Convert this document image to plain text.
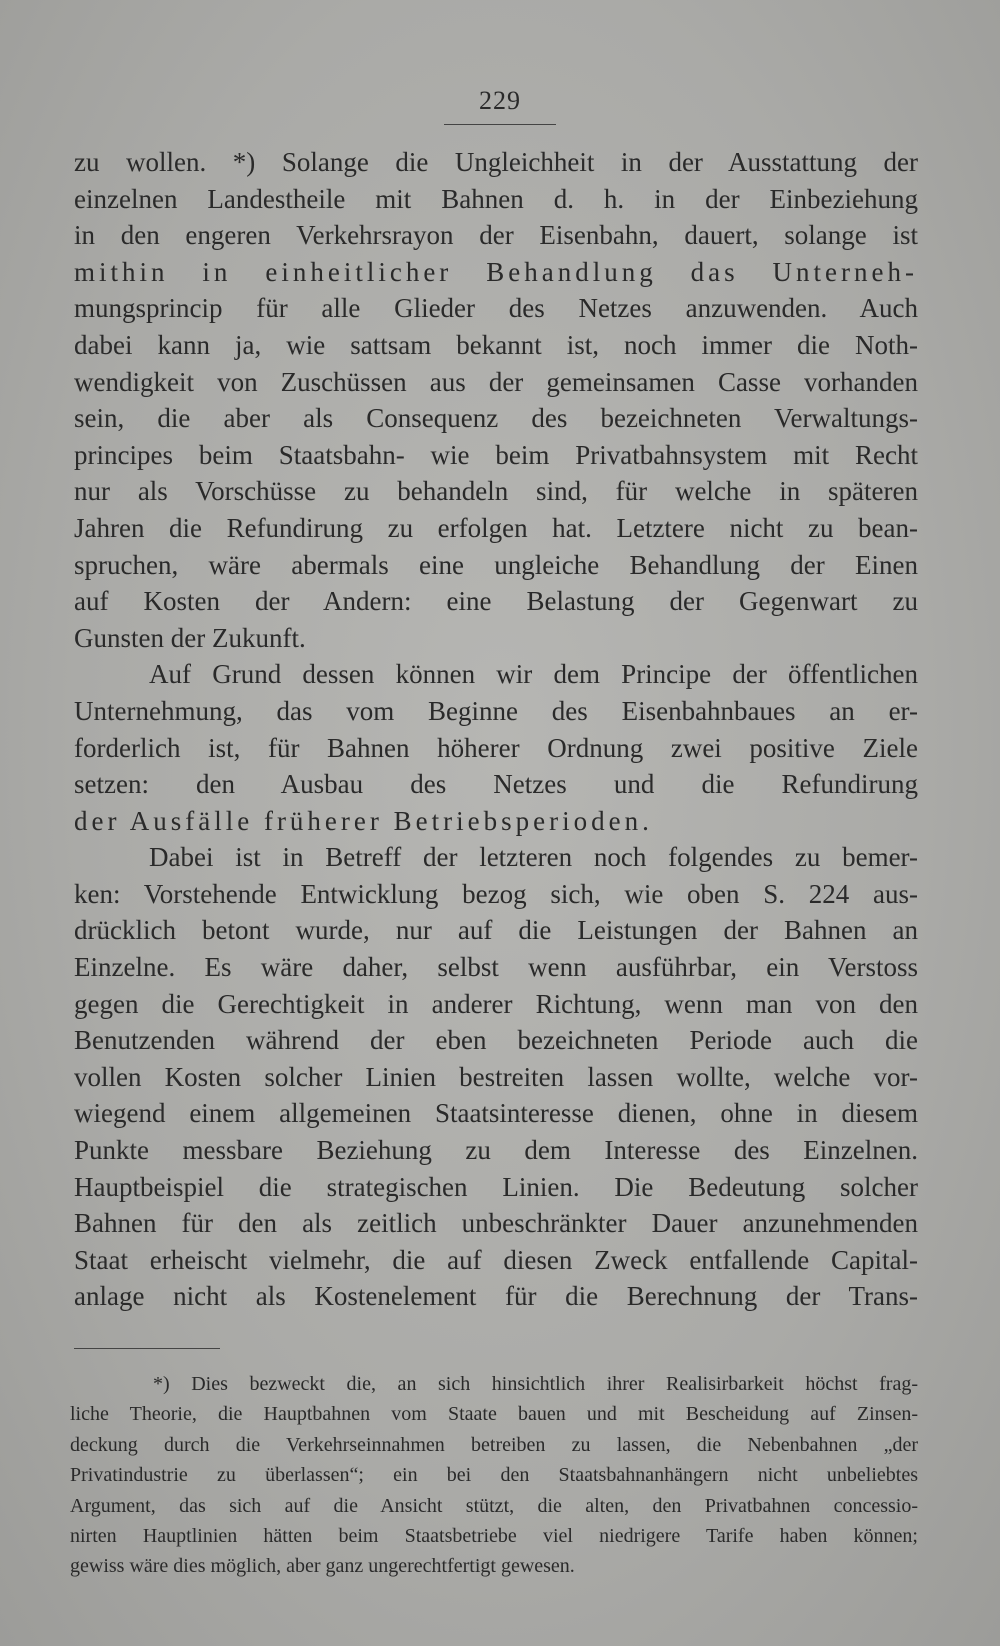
229
zu wollen. *) Solange die Ungleichheit in der Ausstattung der
einzelnen Landestheile mit Bahnen d. h. in der Einbeziehung
in den engeren Verkehrsrayon der Eisenbahn, dauert, solange ist
mithin in einheitlicher Behandlung das Unterneh-
mungsprincip für alle Glieder des Netzes anzuwenden. Auch
dabei kann ja, wie sattsam bekannt ist, noch immer die Noth-
wendigkeit von Zuschüssen aus der gemeinsamen Casse vorhanden
sein, die aber als Consequenz des bezeichneten Verwaltungs-
principes beim Staatsbahn- wie beim Privatbahnsystem mit Recht
nur als Vorschüsse zu behandeln sind, für welche in späteren
Jahren die Refundirung zu erfolgen hat. Letztere nicht zu bean-
spruchen, wäre abermals eine ungleiche Behandlung der Einen
auf Kosten der Andern: eine Belastung der Gegenwart zu
Gunsten der Zukunft.
Auf Grund dessen können wir dem Principe der öffentlichen
Unternehmung, das vom Beginne des Eisenbahnbaues an er-
forderlich ist, für Bahnen höherer Ordnung zwei positive Ziele
setzen: den Ausbau des Netzes und die Refundirung
der Ausfälle früherer Betriebsperioden.
Dabei ist in Betreff der letzteren noch folgendes zu bemer-
ken: Vorstehende Entwicklung bezog sich, wie oben S. 224 aus-
drücklich betont wurde, nur auf die Leistungen der Bahnen an
Einzelne. Es wäre daher, selbst wenn ausführbar, ein Verstoss
gegen die Gerechtigkeit in anderer Richtung, wenn man von den
Benutzenden während der eben bezeichneten Periode auch die
vollen Kosten solcher Linien bestreiten lassen wollte, welche vor-
wiegend einem allgemeinen Staatsinteresse dienen, ohne in diesem
Punkte messbare Beziehung zu dem Interesse des Einzelnen.
Hauptbeispiel die strategischen Linien. Die Bedeutung solcher
Bahnen für den als zeitlich unbeschränkter Dauer anzunehmenden
Staat erheischt vielmehr, die auf diesen Zweck entfallende Capital-
anlage nicht als Kostenelement für die Berechnung der Trans-
*) Dies bezweckt die, an sich hinsichtlich ihrer Realisirbarkeit höchst frag-
liche Theorie, die Hauptbahnen vom Staate bauen und mit Bescheidung auf Zinsen-
deckung durch die Verkehrseinnahmen betreiben zu lassen, die Nebenbahnen „der
Privatindustrie zu überlassen“; ein bei den Staatsbahnanhängern nicht unbeliebtes
Argument, das sich auf die Ansicht stützt, die alten, den Privatbahnen concessio-
nirten Hauptlinien hätten beim Staatsbetriebe viel niedrigere Tarife haben können;
gewiss wäre dies möglich, aber ganz ungerechtfertigt gewesen.
